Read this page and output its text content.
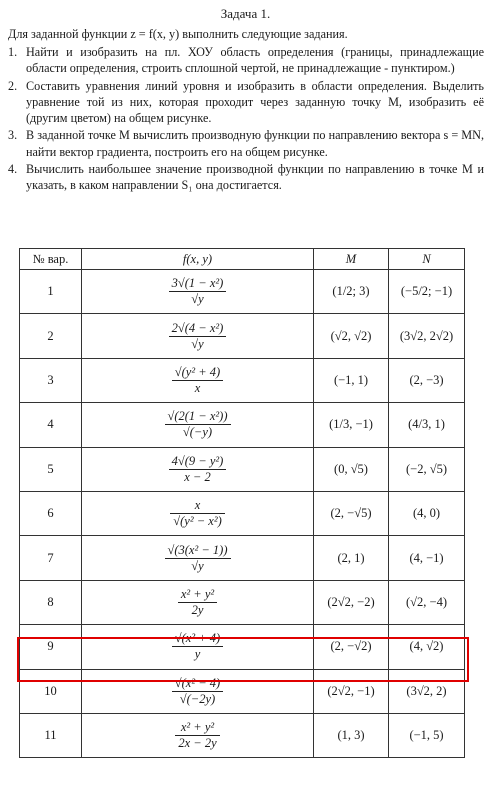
Задача 1.
Для заданной функции z = f(x, y) выполнить следующие задания.
1. Найти и изобразить на пл. ХОУ область определения (границы, принадлежащие области определения, строить сплошной чертой, не принадлежащие - пунктиром.)
2. Составить уравнения линий уровня и изобразить в области определения. Выделить уравнение той из них, которая проходит через заданную точку М, изобразить её (другим цветом) на общем рисунке.
3. В заданной точке М вычислить производную функции по направлению вектора s = MN, найти вектор градиента, построить его на общем рисунке.
4. Вычислить наибольшее значение производной функции по направлению в точке М и указать, в каком направлении S₁ она достигается.
№ вар.	f(x, y)	M	N
1	$\frac{\text{3√(1 − x²)}}{√y}$	(1/2; 3)	(−5/2; −1)
2	$\frac{\text{2√(4 − x²)}}{√y}$	(√2, √2)	(3√2, 2√2)
3	$\frac{\text{√(y² + 4)}}{x}$	(−1, 1)	(2, −3)
4	$\frac{\text{√(2(1 − x²))}}{√(-y)}$	(1/3, −1)	(4/3, 1)
5	$\frac{\text{4√(9 − y²)}}{x - 2}$	(0, √5)	(−2, √5)
6	$\frac{x}{\text{√(y² − x²)}}$	(2, −√5)	(4, 0)
7	$\frac{\text{√(3(x² − 1))}}{√y}$	(2, 1)	(4, −1)
8	$\frac{\text{x² + y²}}{2y}$	(2√2, −2)	(√2, −4)
9	$\frac{\text{√(x² + 4)}}{y}$	(2, −√2)	(4, √2)
10	$\frac{\text{√(x² − 4)}}{√(-2y)}$	(2√2, −1)	(3√2, 2)
11	$\frac{\text{x² + y²}}{2x - 2y}$	(1, 3)	(−1, 5)
